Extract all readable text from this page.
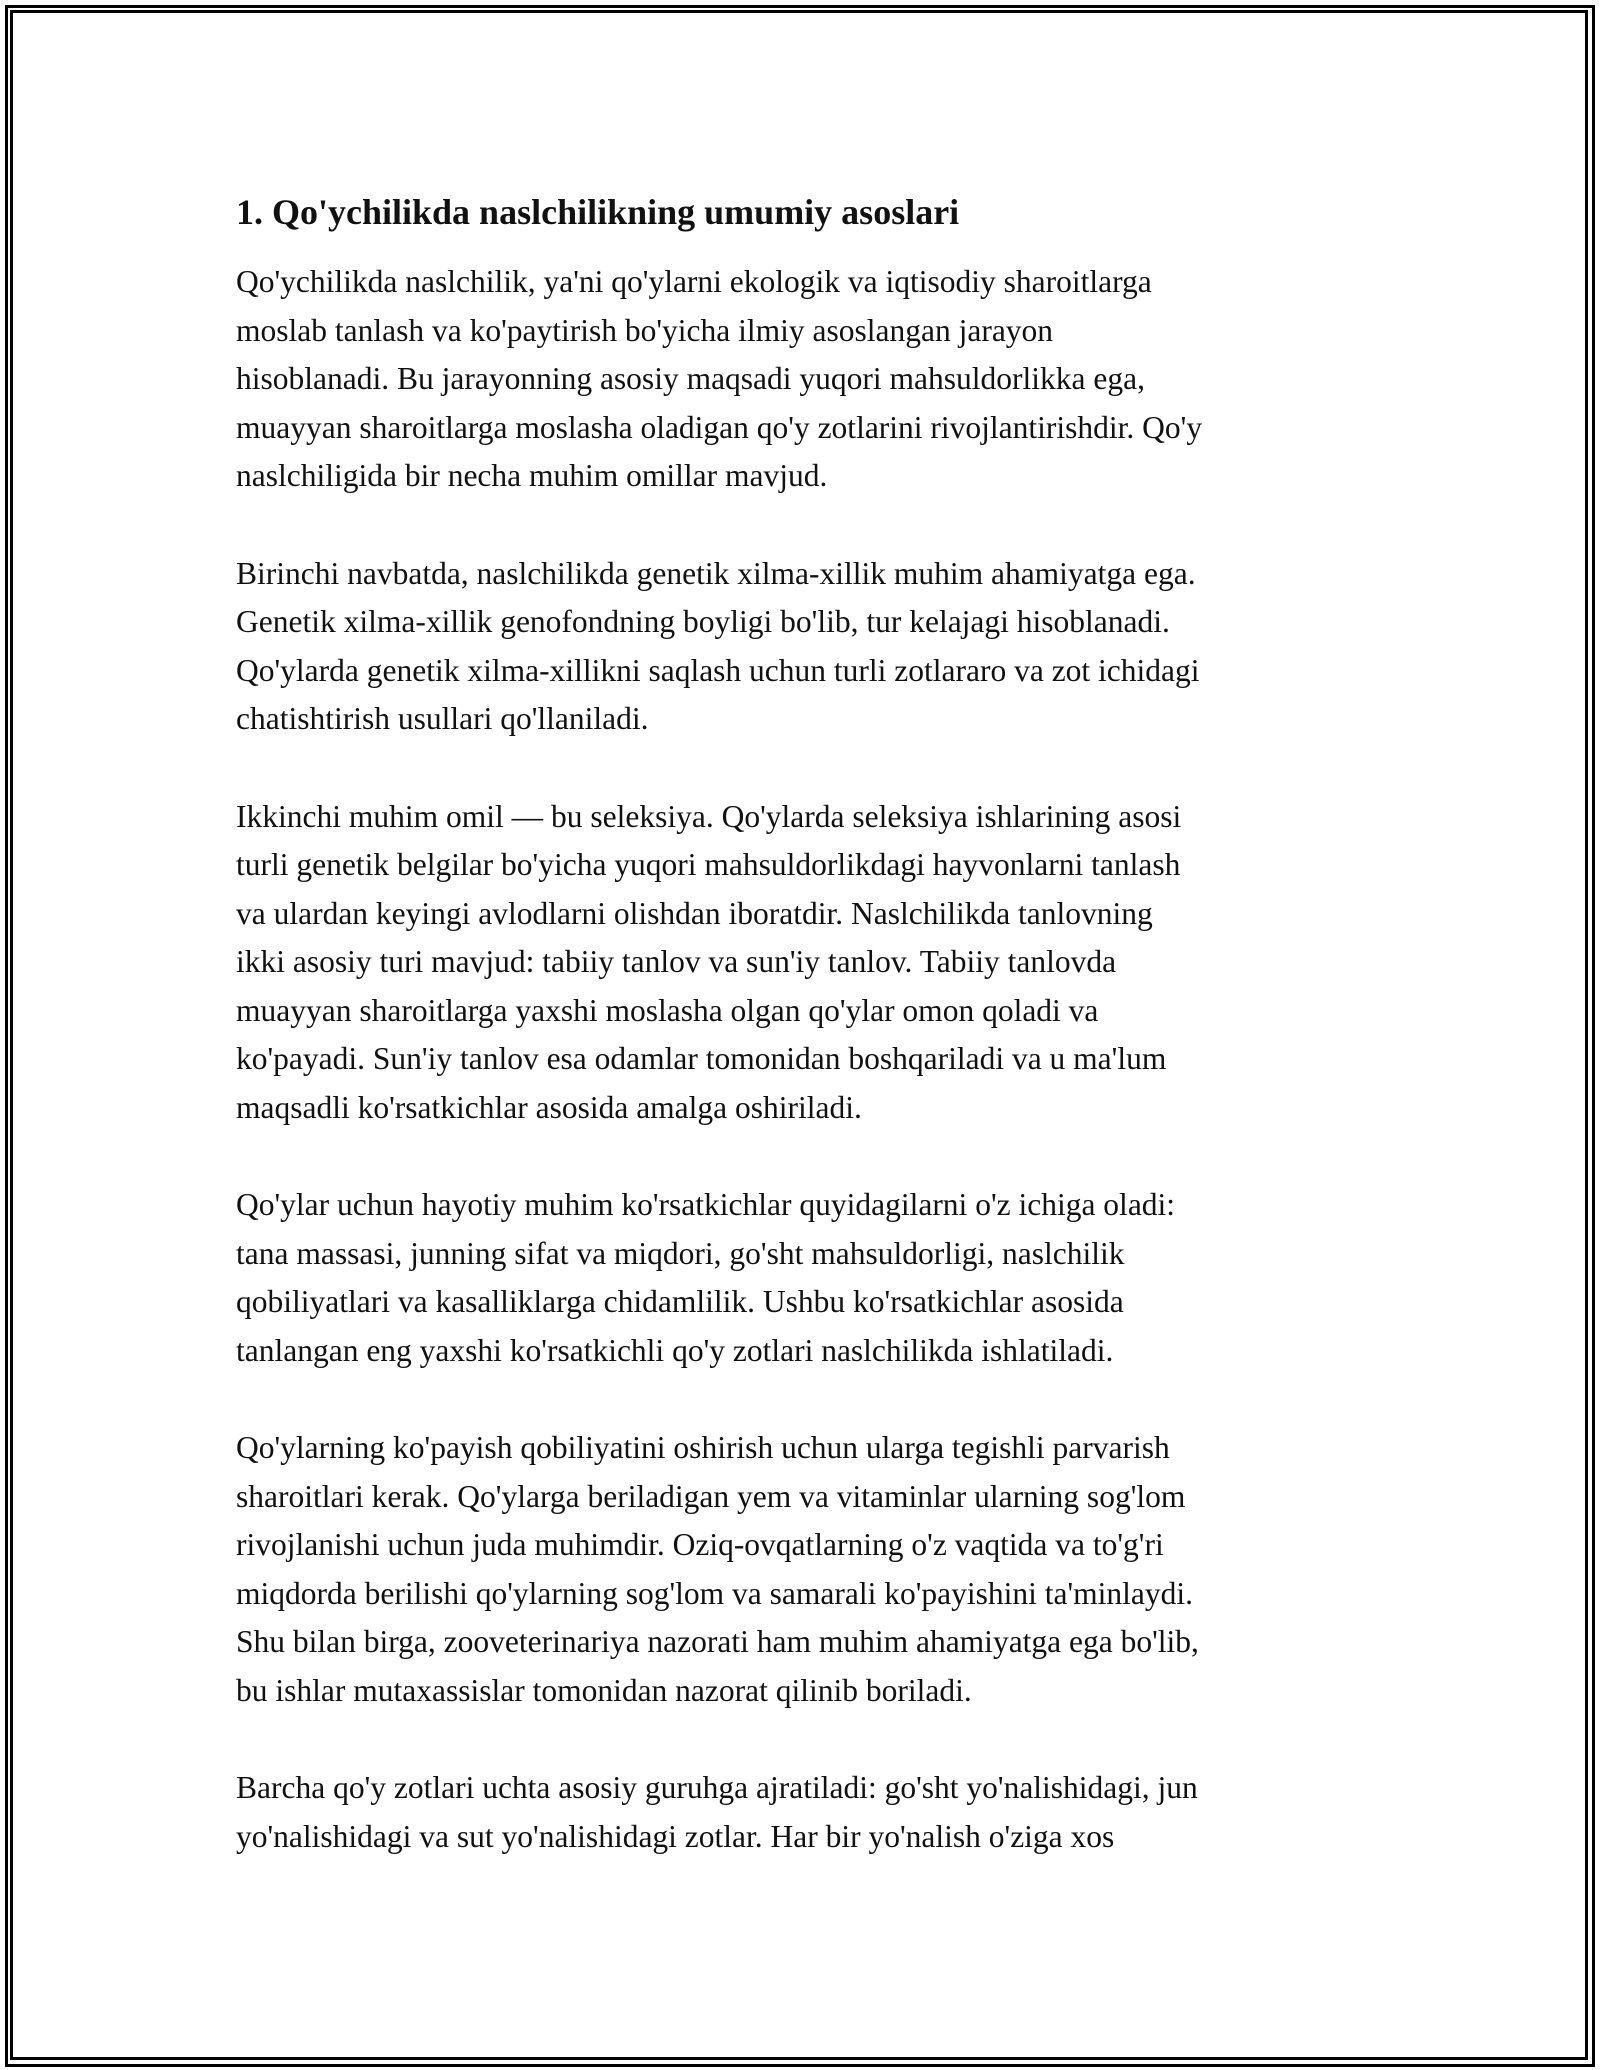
1. Qo'ychilikda naslchilikning umumiy asoslari

Qo'ychilikda naslchilik, ya'ni qo'ylarni ekologik va iqtisodiy sharoitlarga
moslab tanlash va ko'paytirish bo'yicha ilmiy asoslangan jarayon
hisoblanadi. Bu jarayonning asosiy maqsadi yuqori mahsuldorlikka ega,
muayyan sharoitlarga moslasha oladigan qo'y zotlarini rivojlantirishdir. Qo'y
naslchiligida bir necha muhim omillar mavjud.

Birinchi navbatda, naslchilikda genetik xilma-xillik muhim ahamiyatga ega.
Genetik xilma-xillik genofondning boyligi bo'lib, tur kelajagi hisoblanadi.
Qo'ylarda genetik xilma-xillikni saqlash uchun turli zotlararo va zot ichidagi
chatishtirish usullari qo'llaniladi.

Ikkinchi muhim omil — bu seleksiya. Qo'ylarda seleksiya ishlarining asosi
turli genetik belgilar bo'yicha yuqori mahsuldorlikdagi hayvonlarni tanlash
va ulardan keyingi avlodlarni olishdan iboratdir. Naslchilikda tanlovning
ikki asosiy turi mavjud: tabiiy tanlov va sun'iy tanlov. Tabiiy tanlovda
muayyan sharoitlarga yaxshi moslasha olgan qo'ylar omon qoladi va
ko'payadi. Sun'iy tanlov esa odamlar tomonidan boshqariladi va u ma'lum
maqsadli ko'rsatkichlar asosida amalga oshiriladi.

Qo'ylar uchun hayotiy muhim ko'rsatkichlar quyidagilarni o'z ichiga oladi:
tana massasi, junning sifat va miqdori, go'sht mahsuldorligi, naslchilik
qobiliyatlari va kasalliklarga chidamlilik. Ushbu ko'rsatkichlar asosida
tanlangan eng yaxshi ko'rsatkichli qo'y zotlari naslchilikda ishlatiladi.

Qo'ylarning ko'payish qobiliyatini oshirish uchun ularga tegishli parvarish
sharoitlari kerak. Qo'ylarga beriladigan yem va vitaminlar ularning sog'lom
rivojlanishi uchun juda muhimdir. Oziq-ovqatlarning o'z vaqtida va to'g'ri
miqdorda berilishi qo'ylarning sog'lom va samarali ko'payishini ta'minlaydi.
Shu bilan birga, zooveterinariya nazorati ham muhim ahamiyatga ega bo'lib,
bu ishlar mutaxassislar tomonidan nazorat qilinib boriladi.

Barcha qo'y zotlari uchta asosiy guruhga ajratiladi: go'sht yo'nalishidagi, jun
yo'nalishidagi va sut yo'nalishidagi zotlar. Har bir yo'nalish o'ziga xos
